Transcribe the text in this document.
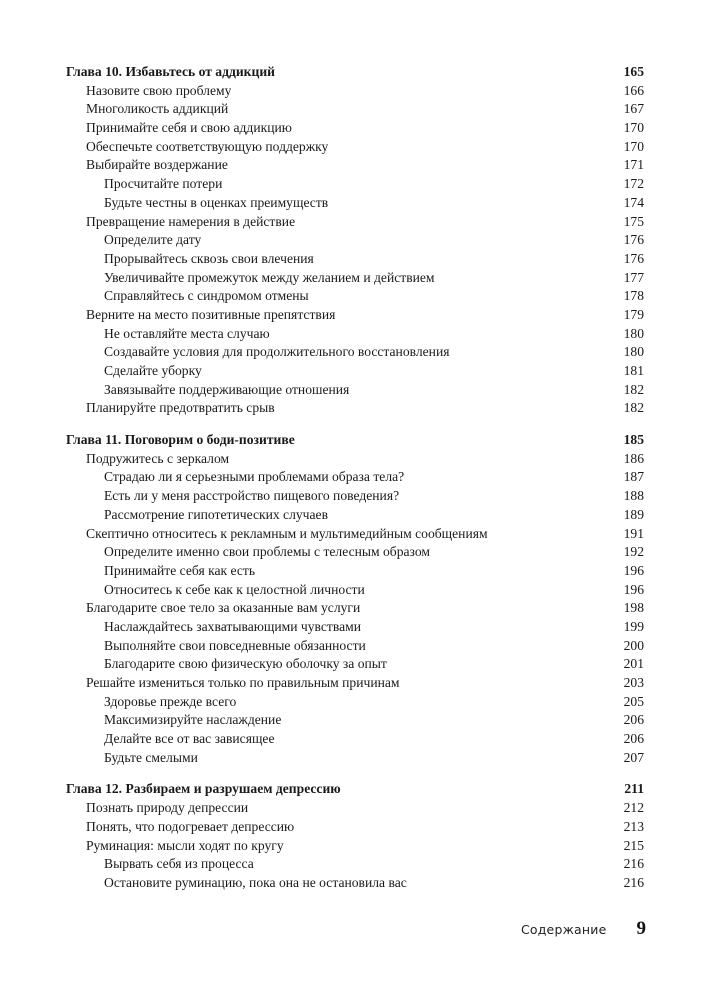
Глава 10. Избавьтесь от аддикций	165
Назовите свою проблему	166
Многоликость аддикций	167
Принимайте себя и свою аддикцию	170
Обеспечьте соответствующую поддержку	170
Выбирайте воздержание	171
Просчитайте потери	172
Будьте честны в оценках преимуществ	174
Превращение намерения в действие	175
Определите дату	176
Прорывайтесь сквозь свои влечения	176
Увеличивайте промежуток между желанием и действием	177
Справляйтесь с синдромом отмены	178
Верните на место позитивные препятствия	179
Не оставляйте места случаю	180
Создавайте условия для продолжительного восстановления	180
Сделайте уборку	181
Завязывайте поддерживающие отношения	182
Планируйте предотвратить срыв	182
Глава 11. Поговорим о боди-позитиве	185
Подружитесь с зеркалом	186
Страдаю ли я серьезными проблемами образа тела?	187
Есть ли у меня расстройство пищевого поведения?	188
Рассмотрение гипотетических случаев	189
Скептично относитесь к рекламным и мультимедийным сообщениям	191
Определите именно свои проблемы с телесным образом	192
Принимайте себя как есть	196
Относитесь к себе как к целостной личности	196
Благодарите свое тело за оказанные вам услуги	198
Наслаждайтесь захватывающими чувствами	199
Выполняйте свои повседневные обязанности	200
Благодарите свою физическую оболочку за опыт	201
Решайте измениться только по правильным причинам	203
Здоровье прежде всего	205
Максимизируйте наслаждение	206
Делайте все от вас зависящее	206
Будьте смелыми	207
Глава 12. Разбираем и разрушаем депрессию	211
Познать природу депрессии	212
Понять, что подогревает депрессию	213
Руминация: мысли ходят по кругу	215
Вырвать себя из процесса	216
Остановите руминацию, пока она не остановила вас	216
Содержание 9
